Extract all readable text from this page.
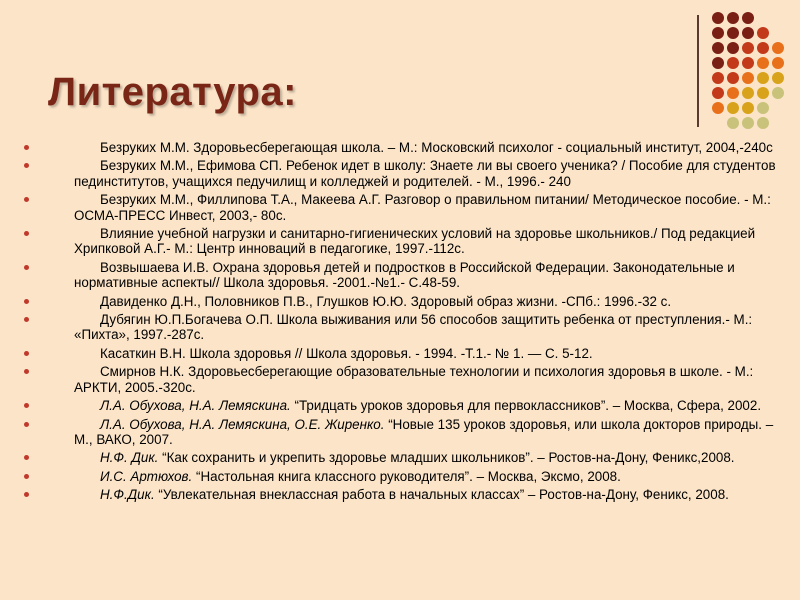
Литература:
Безруких М.М. Здоровьесберегающая школа. – М.: Московский психолог - социальный институт, 2004,-240с
Безруких М.М., Ефимова СП. Ребенок идет в школу: Знаете ли вы своего ученика? / Пособие для студентов пединститутов, учащихся педучилищ и колледжей и родителей. - М., 1996.- 240
Безруких М.М., Филлипова Т.А., Макеева А.Г. Разговор о правильном питании/ Методическое пособие. - М.: ОСМА-ПРЕСС Инвест, 2003,- 80с.
Влияние учебной нагрузки и санитарно-гигиенических условий на здоровье школьников./ Под редакцией Хрипковой А.Г.- М.: Центр инноваций в педагогике, 1997.-112с.
Возвышаева И.В. Охрана здоровья детей и подростков в Российской Федерации. Законодательные и нормативные аспекты// Школа здоровья. -2001.-№1.- С.48-59.
Давиденко Д.Н., Половников П.В., Глушков Ю.Ю. Здоровый образ жизни. -СПб.: 1996.-32 с.
Дубягин Ю.П.Богачева О.П. Школа выживания или 56 способов защитить ребенка от преступления.- М.: «Пихта», 1997.-287с.
Касаткин В.Н. Школа здоровья // Школа здоровья. - 1994. -Т.1.- № 1. — С. 5-12.
Смирнов Н.К. Здоровьесберегающие образовательные технологии и психология здоровья в школе. - М.: АРКТИ, 2005.-320с.
Л.А. Обухова, Н.А. Лемяскина. “Тридцать уроков здоровья для первоклассников”. – Москва, Сфера, 2002.
Л.А. Обухова, Н.А. Лемяскина, О.Е. Жиренко. “Новые 135 уроков здоровья, или школа докторов природы. – М., ВАКО, 2007.
Н.Ф. Дик. “Как сохранить и укрепить здоровье младших школьников”. – Ростов-на-Дону, Феникс,2008.
И.С. Артюхов. “Настольная книга классного руководителя”. – Москва, Эксмо, 2008.
Н.Ф.Дик. “Увлекательная внеклассная работа в начальных классах” – Ростов-на-Дону, Феникс, 2008.
